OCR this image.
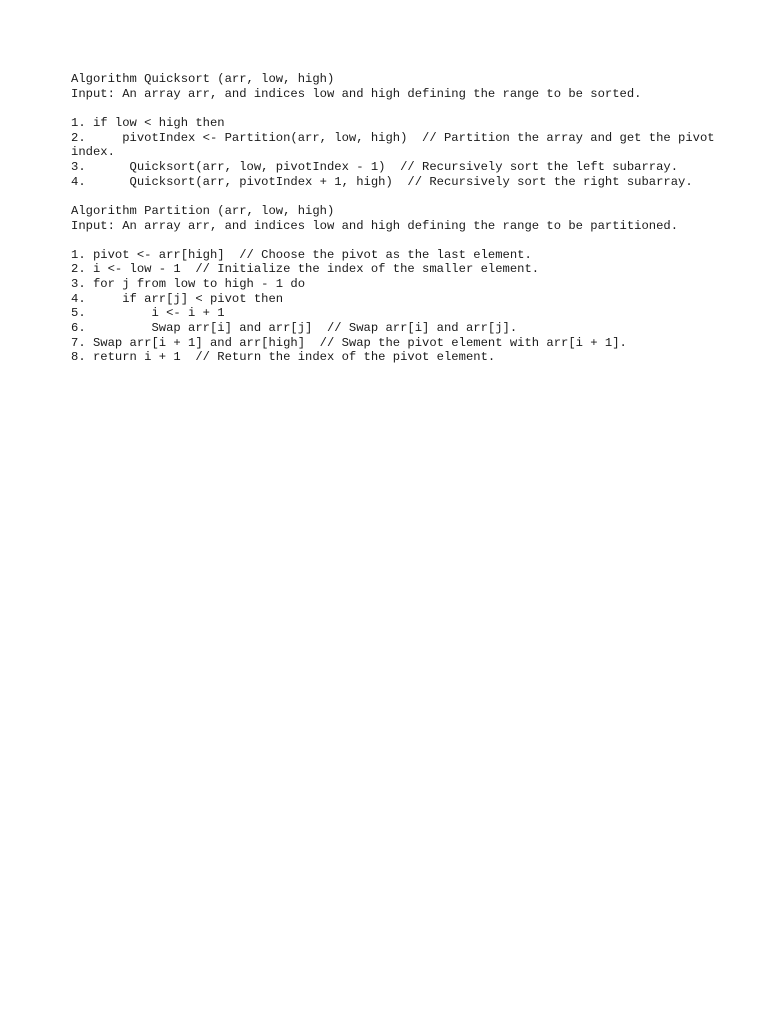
Algorithm Quicksort (arr, low, high)
Input: An array arr, and indices low and high defining the range to be sorted.
1. if low < high then
2.     pivotIndex <- Partition(arr, low, high)  // Partition the array and get the pivot index.
3.      Quicksort(arr, low, pivotIndex - 1)  // Recursively sort the left subarray.
4.      Quicksort(arr, pivotIndex + 1, high)  // Recursively sort the right subarray.
Algorithm Partition (arr, low, high)
Input: An array arr, and indices low and high defining the range to be partitioned.
1. pivot <- arr[high]  // Choose the pivot as the last element.
2. i <- low - 1  // Initialize the index of the smaller element.
3. for j from low to high - 1 do
4.     if arr[j] < pivot then
5.         i <- i + 1
6.         Swap arr[i] and arr[j]  // Swap arr[i] and arr[j].
7. Swap arr[i + 1] and arr[high]  // Swap the pivot element with arr[i + 1].
8. return i + 1  // Return the index of the pivot element.
